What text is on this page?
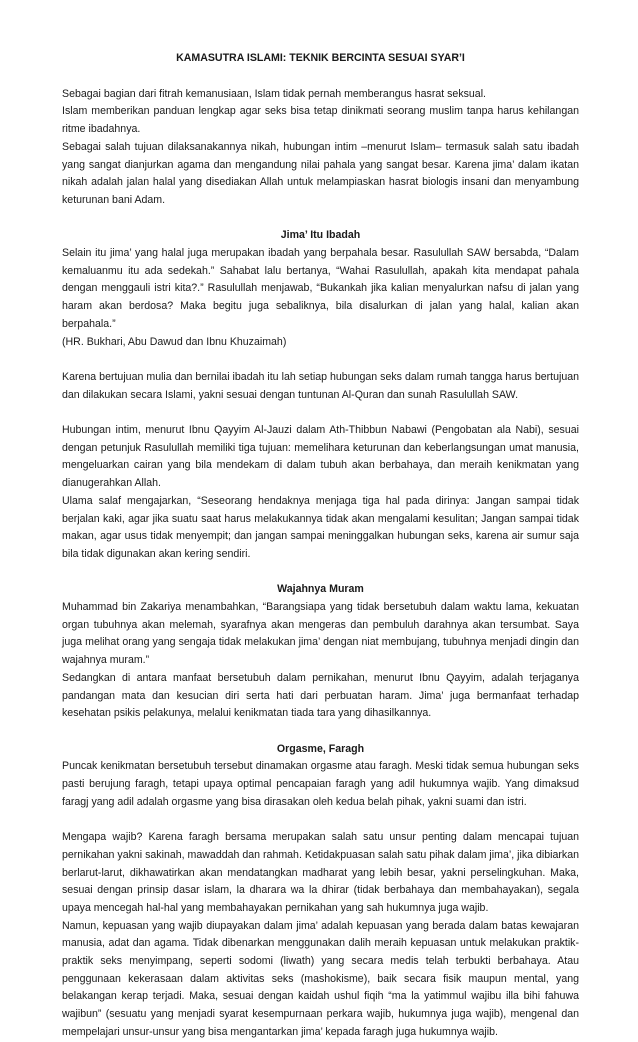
KAMASUTRA ISLAMI: TEKNIK BERCINTA SESUAI SYAR’I

Sebagai bagian dari fitrah kemanusiaan, Islam tidak pernah memberangus hasrat seksual.

Islam memberikan panduan lengkap agar seks bisa tetap dinikmati seorang muslim tanpa harus kehilangan ritme ibadahnya.

Sebagai salah tujuan dilaksanakannya nikah, hubungan intim –menurut Islam– termasuk salah satu ibadah yang sangat dianjurkan agama dan mengandung nilai pahala yang sangat besar. Karena jima’ dalam ikatan nikah adalah jalan halal yang disediakan Allah untuk melampiaskan hasrat biologis insani dan menyambung keturunan bani Adam.

Jima’ Itu Ibadah

Selain itu jima’ yang halal juga merupakan ibadah yang berpahala besar. Rasulullah SAW bersabda, “Dalam kemaluanmu itu ada sedekah.” Sahabat lalu bertanya, “Wahai Rasulullah, apakah kita mendapat pahala dengan menggauli istri kita?.” Rasulullah menjawab, “Bukankah jika kalian menyalurkan nafsu di jalan yang haram akan berdosa? Maka begitu juga sebaliknya, bila disalurkan di jalan yang halal, kalian akan berpahala.”

(HR. Bukhari, Abu Dawud dan Ibnu Khuzaimah)

Karena bertujuan mulia dan bernilai ibadah itu lah setiap hubungan seks dalam rumah tangga harus bertujuan dan dilakukan secara Islami, yakni sesuai dengan tuntunan Al-Quran dan sunah Rasulullah SAW.

Hubungan intim, menurut Ibnu Qayyim Al-Jauzi dalam Ath-Thibbun Nabawi (Pengobatan ala Nabi), sesuai dengan petunjuk Rasulullah memiliki tiga tujuan: memelihara keturunan dan keberlangsungan umat manusia, mengeluarkan cairan yang bila mendekam di dalam tubuh akan berbahaya, dan meraih kenikmatan yang dianugerahkan Allah.

Ulama salaf mengajarkan, “Seseorang hendaknya menjaga tiga hal pada dirinya: Jangan sampai tidak berjalan kaki, agar jika suatu saat harus melakukannya tidak akan mengalami kesulitan; Jangan sampai tidak makan, agar usus tidak menyempit; dan jangan sampai meninggalkan hubungan seks, karena air sumur saja bila tidak digunakan akan kering sendiri.

Wajahnya Muram

Muhammad bin Zakariya menambahkan, “Barangsiapa yang tidak bersetubuh dalam waktu lama, kekuatan organ tubuhnya akan melemah, syarafnya akan mengeras dan pembuluh darahnya akan tersumbat. Saya juga melihat orang yang sengaja tidak melakukan jima’ dengan niat membujang, tubuhnya menjadi dingin dan wajahnya muram.”

Sedangkan di antara manfaat bersetubuh dalam pernikahan, menurut Ibnu Qayyim, adalah terjaganya pandangan mata dan kesucian diri serta hati dari perbuatan haram. Jima’ juga bermanfaat terhadap kesehatan psikis pelakunya, melalui kenikmatan tiada tara yang dihasilkannya.

Orgasme, Faragh

Puncak kenikmatan bersetubuh tersebut dinamakan orgasme atau faragh. Meski tidak semua hubungan seks pasti berujung faragh, tetapi upaya optimal pencapaian faragh yang adil hukumnya wajib. Yang dimaksud faragj yang adil adalah orgasme yang bisa dirasakan oleh kedua belah pihak, yakni suami dan istri.

Mengapa wajib? Karena faragh bersama merupakan salah satu unsur penting dalam mencapai tujuan pernikahan yakni sakinah, mawaddah dan rahmah. Ketidakpuasan salah satu pihak dalam jima’, jika dibiarkan berlarut-larut, dikhawatirkan akan mendatangkan madharat yang lebih besar, yakni perselingkuhan. Maka, sesuai dengan prinsip dasar islam, la dharara wa la dhirar (tidak berbahaya dan membahayakan), segala upaya mencegah hal-hal yang membahayakan pernikahan yang sah hukumnya juga wajib.

Namun, kepuasan yang wajib diupayakan dalam jima’ adalah kepuasan yang berada dalam batas kewajaran manusia, adat dan agama. Tidak dibenarkan menggunakan dalih meraih kepuasan untuk melakukan praktik-praktik seks menyimpang, seperti sodomi (liwath) yang secara medis telah terbukti berbahaya. Atau penggunaan kekerasaan dalam aktivitas seks (mashokisme), baik secara fisik maupun mental, yang belakangan kerap terjadi. Maka, sesuai dengan kaidah ushul fiqih “ma la yatimmul wajibu illa bihi fahuwa wajibun” (sesuatu yang menjadi syarat kesempurnaan perkara wajib, hukumnya juga wajib), mengenal dan mempelajari unsur-unsur yang bisa mengantarkan jima’ kepada faragh juga hukumnya wajib.
